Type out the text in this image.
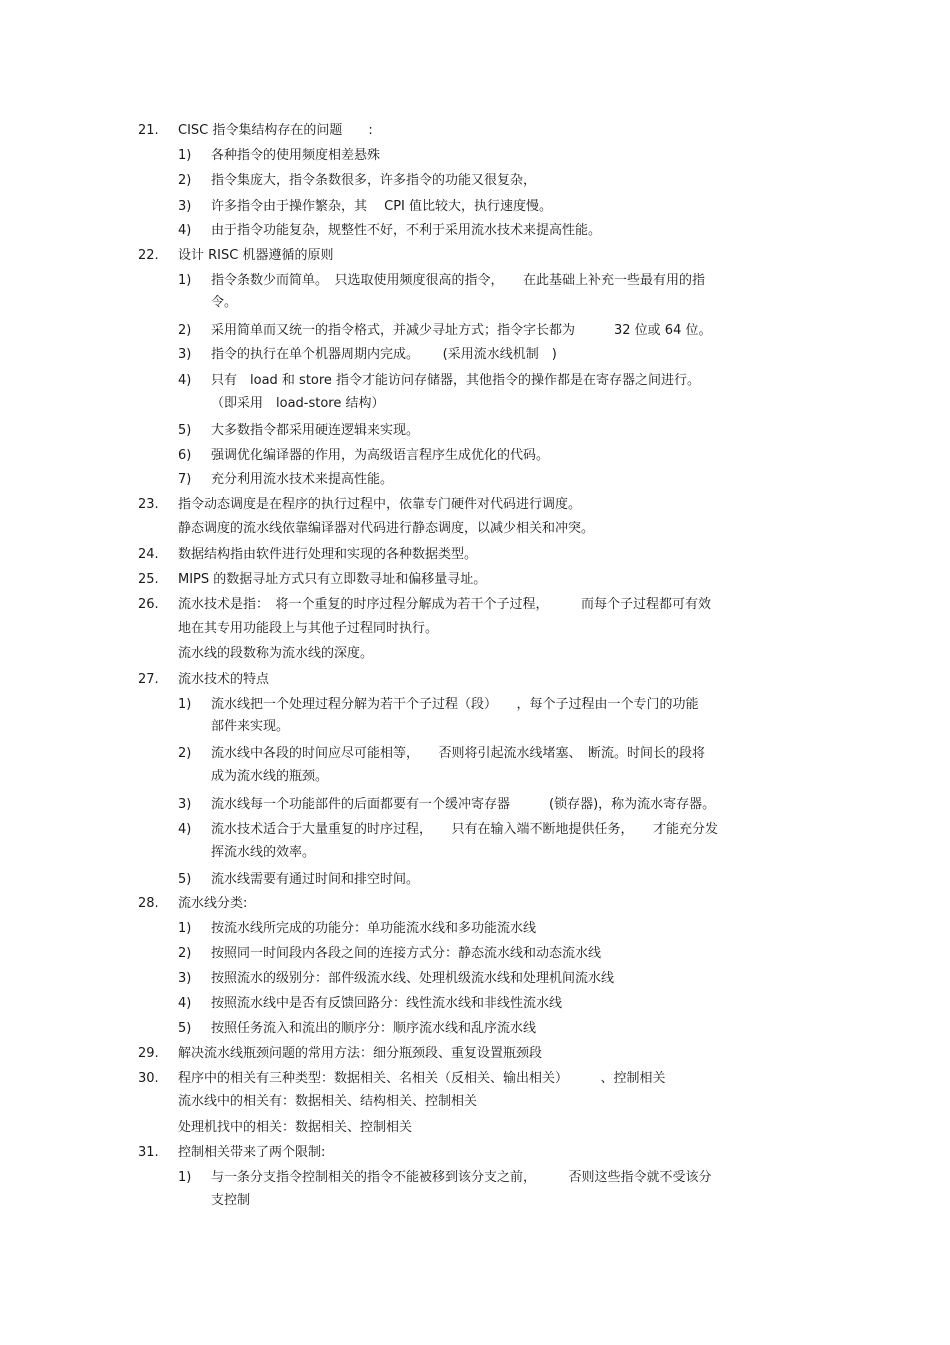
21.	CISC 指令集结构存在的问题　　:
1)	各种指令的使用频度相差悬殊
2)	指令集庞大，指令条数很多，许多指令的功能又很复杂，
3)	许多指令由于操作繁杂，其　 CPI 值比较大，执行速度慢。
4)	由于指令功能复杂，规整性不好，不利于采用流水技术来提高性能。
22.	设计 RISC 机器遵循的原则
1)	指令条数少而简单。　只选取使用频度很高的指令，　　在此基础上补充一些最有用的指
令。
2)	采用简单而又统一的指令格式，并减少寻址方式；指令字长都为　　　32 位或 64 位。
3)	指令的执行在单个机器周期内完成。　　 (采用流水线机制　)
4)	只有　load 和 store 指令才能访问存储器，其他指令的操作都是在寄存器之间进行。
（即采用　load-store 结构）
5)	大多数指令都采用硬连逻辑来实现。
6)	强调优化编译器的作用，为高级语言程序生成优化的代码。
7)	充分利用流水技术来提高性能。
23.	指令动态调度是在程序的执行过程中，依靠专门硬件对代码进行调度。
静态调度的流水线依靠编译器对代码进行静态调度，以减少相关和冲突。
24.	数据结构指由软件进行处理和实现的各种数据类型。
25.	MIPS 的数据寻址方式只有立即数寻址和偏移量寻址。
26.	流水技术是指：　将一个重复的时序过程分解成为若干个子过程，　　　而每个子过程都可有效
地在其专用功能段上与其他子过程同时执行。
流水线的段数称为流水线的深度。
27.	流水技术的特点
1)	流水线把一个处理过程分解为若干个子过程（段）　　，每个子过程由一个专门的功能
部件来实现。
2)	流水线中各段的时间应尽可能相等，　　否则将引起流水线堵塞、　断流。时间长的段将
成为流水线的瓶颈。
3)	流水线每一个功能部件的后面都要有一个缓冲寄存器　　　(锁存器)，称为流水寄存器。
4)	流水技术适合于大量重复的时序过程，　　只有在输入端不断地提供任务，　　才能充分发
挥流水线的效率。
5)	流水线需要有通过时间和排空时间。
28.	流水线分类:
1)	按流水线所完成的功能分：单功能流水线和多功能流水线
2)	按照同一时间段内各段之间的连接方式分：静态流水线和动态流水线
3)	按照流水的级别分：部件级流水线、处理机级流水线和处理机间流水线
4)	按照流水线中是否有反馈回路分：线性流水线和非线性流水线
5)	按照任务流入和流出的顺序分：顺序流水线和乱序流水线
29.	解决流水线瓶颈问题的常用方法：细分瓶颈段、重复设置瓶颈段
30.	程序中的相关有三种类型：数据相关、名相关（反相关、输出相关）　　　、控制相关
流水线中的相关有：数据相关、结构相关、控制相关
处理机找中的相关：数据相关、控制相关
31.	控制相关带来了两个限制:
1)	与一条分支指令控制相关的指令不能被移到该分支之前，　　　否则这些指令就不受该分
支控制
